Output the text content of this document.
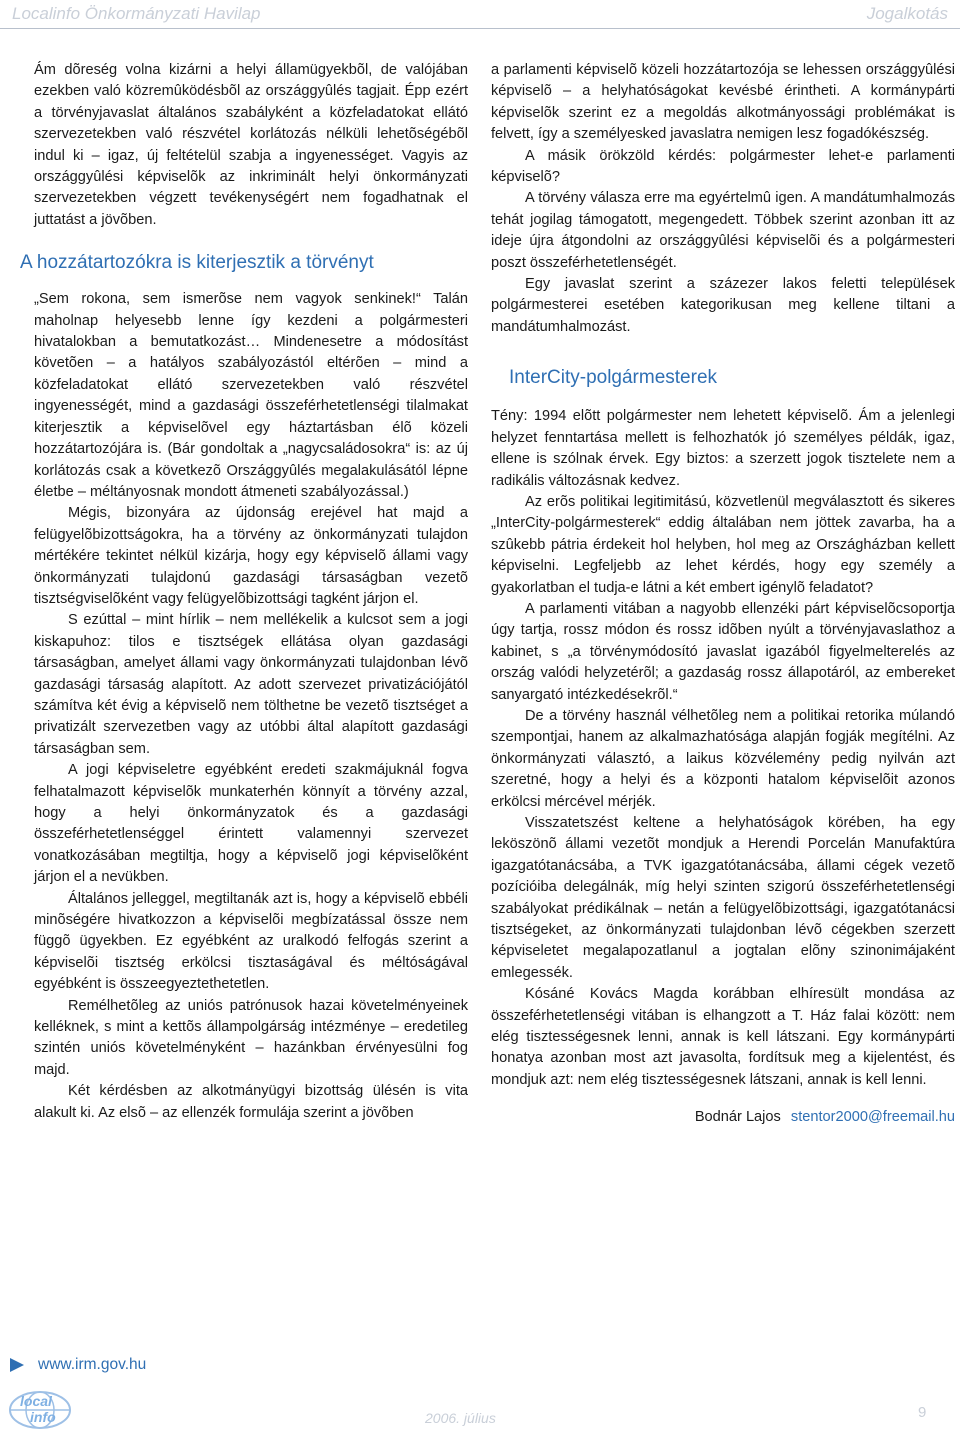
Localinfo Önkormányzati Havilap	Jogalkotás

Ám dõreség volna kizárni a helyi államügyekbõl, de valójában ezekben való közremûködésbõl az országgyûlés tagjait. Épp ezért a törvényjavaslat általános szabályként a közfeladatokat ellátó szervezetekben való részvétel korlátozás nélküli lehetõségébõl indul ki – igaz, új feltételül szabja a ingyenességet. Vagyis az országgyûlési képviselõk az inkriminált helyi önkormányzati szervezetekben végzett tevékenységért nem fogadhatnak el juttatást a jövõben.

A hozzátartozókra is kiterjesztik a törvényt

„Sem rokona, sem ismerõse nem vagyok senkinek!“ Talán maholnap helyesebb lenne így kezdeni a polgármesteri hivatalokban a bemutatkozást… Mindenesetre a módosítást követõen – a hatályos szabályozástól eltérõen – mind a közfeladatokat ellátó szervezetekben való részvétel ingyenességét, mind a gazdasági összeférhetetlenségi tilalmakat kiterjesztik a képviselõvel egy háztartásban élõ közeli hozzátartozójára is. (Bár gondoltak a „nagycsaládosokra“ is: az új korlátozás csak a következõ Országgyûlés megalakulásától lépne életbe – méltányosnak mondott átmeneti szabályozással.)

Mégis, bizonyára az újdonság erejével hat majd a felügyelõbizottságokra, ha a törvény az önkormányzati tulajdon mértékére tekintet nélkül kizárja, hogy egy képviselõ állami vagy önkormányzati tulajdonú gazdasági társaságban vezetõ tisztségviselõként vagy felügyelõbizottsági tagként járjon el.

S ezúttal – mint hírlik – nem mellékelik a kulcsot sem a jogi kiskapuhoz: tilos e tisztségek ellátása olyan gazdasági társaságban, amelyet állami vagy önkormányzati tulajdonban lévõ gazdasági társaság alapított. Az adott szervezet privatizációjától számítva két évig a képviselõ nem tölthetne be vezetõ tisztséget a privatizált szervezetben vagy az utóbbi által alapított gazdasági társaságban sem.

A jogi képviseletre egyébként eredeti szakmájuknál fogva felhatalmazott képviselõk munkaterhén könnyít a törvény azzal, hogy a helyi önkormányzatok és a gazdasági összeférhetetlenséggel érintett valamennyi szervezet vonatkozásában megtiltja, hogy a képviselõ jogi képviselõként járjon el a nevükben.

Általános jelleggel, megtiltanák azt is, hogy a képviselõ ebbéli minõségére hivatkozzon a képviselõi megbízatással össze nem függõ ügyekben. Ez egyébként az uralkodó felfogás szerint a képviselõi tisztség erkölcsi tisztaságával és méltóságával egyébként is összeegyeztethetetlen.

Remélhetõleg az uniós patrónusok hazai követelményeinek kelléknek, s mint a kettõs állampolgárság intézménye – eredetileg szintén uniós követelményként – hazánkban érvényesülni fog majd.

Két kérdésben az alkotmányügyi bizottság ülésén is vita alakult ki. Az elsõ – az ellenzék formulája szerint a jövõben

a parlamenti képviselõ közeli hozzátartozója se lehessen országgyûlési képviselõ – a helyhatóságokat kevésbé érintheti. A kormánypárti képviselõk szerint ez a megoldás alkotmányossági problémákat is felvett, így a személyesked javaslatra nemigen lesz fogadókészség.

A másik örökzöld kérdés: polgármester lehet-e parlamenti képviselõ?

A törvény válasza erre ma egyértelmû igen. A mandátumhalmozás tehát jogilag támogatott, megengedett. Többek szerint azonban itt az ideje újra átgondolni az országgyûlési képviselõi és a polgármesteri poszt összeférhetetlenségét.

Egy javaslat szerint a százezer lakos feletti települések polgármesterei esetében kategorikusan meg kellene tiltani a mandátumhalmozást.

InterCity-polgármesterek

Tény: 1994 elõtt polgármester nem lehetett képviselõ. Ám a jelenlegi helyzet fenntartása mellett is felhozhatók jó személyes példák, igaz, ellene is szólnak érvek. Egy biztos: a szerzett jogok tisztelete nem a radikális változásnak kedvez.

Az erõs politikai legitimitású, közvetlenül megválasztott és sikeres „InterCity-polgármesterek“ eddig általában nem jöttek zavarba, ha a szûkebb pátria érdekeit hol helyben, hol meg az Országházban kellett képviselni. Legfeljebb az lehet kérdés, hogy egy személy a gyakorlatban el tudja-e látni a két embert igénylõ feladatot?

A parlamenti vitában a nagyobb ellenzéki párt képviselõcsoportja úgy tartja, rossz módon és rossz idõben nyúlt a törvényjavaslathoz a kabinet, s „a törvénymódosító javaslat igazából figyelmelterelés az ország valódi helyzetérõl; a gazdaság rossz állapotáról, az embereket sanyargató intézkedésekrõl.“

De a törvény használ vélhetõleg nem a politikai retorika múlandó szempontjai, hanem az alkalmazhatósága alapján fogják megítélni. Az önkormányzati választó, a laikus közvélemény pedig nyilván azt szeretné, hogy a helyi és a központi hatalom képviselõit azonos erkölcsi mércével mérjék.

Visszatetszést keltene a helyhatóságok körében, ha egy leköszönõ állami vezetõt mondjuk a Herendi Porcelán Manufaktúra igazgatótanácsába, a TVK igazgatótanácsába, állami cégek vezetõ pozícióiba delegálnák, míg helyi szinten szigorú összeférhetetlenségi szabályokat prédikálnak – netán a felügyelõbizottsági, igazgatótanácsi tisztségeket, az önkormányzati tulajdonban lévõ cégekben szerzett képviseletet megalapozatlanul a jogtalan elõny szinonimájaként emlegessék.

Kósáné Kovács Magda korábban elhíresült mondása az összeférhetetlenségi vitában is elhangzott a T. Ház falai között: nem elég tisztességesnek lenni, annak is kell látszani. Egy kormánypárti honatya azonban most azt javasolta, fordítsuk meg a kijelentést, és mondjuk azt: nem elég tisztességesnek látszani, annak is kell lenni.

Bodnár Lajos stentor2000@freemail.hu
www.irm.gov.hu
local
info	2006. július	9
